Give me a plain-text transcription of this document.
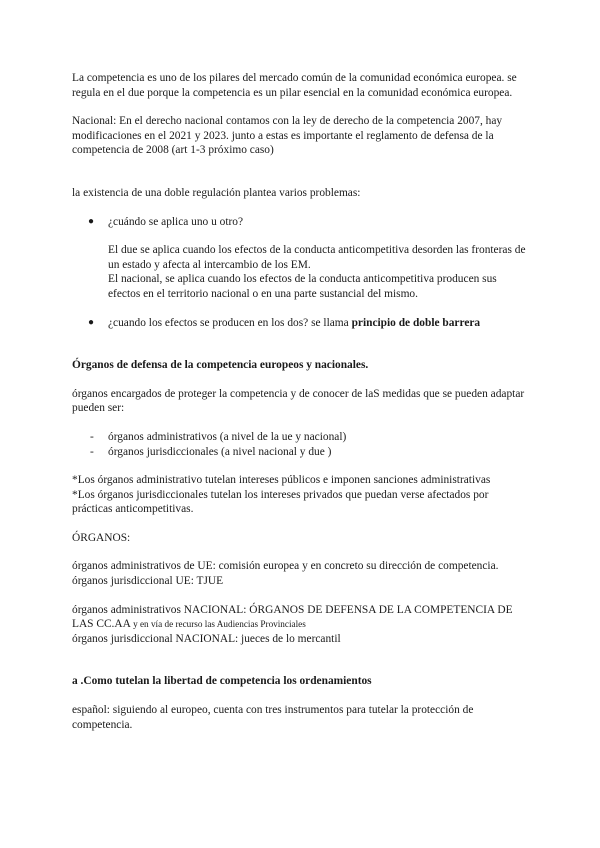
La competencia es uno de los pilares del mercado común de la comunidad económica europea. se regula en el due porque la competencia es un pilar esencial en la comunidad económica europea.

Nacional: En el derecho nacional contamos con la ley de derecho de la competencia 2007, hay modificaciones en el 2021 y 2023. junto a estas es importante el reglamento de defensa de la competencia de 2008 (art 1-3 próximo caso)

la existencia de una doble regulación plantea varios problemas:

● ¿cuándo se aplica uno u otro?

El due se aplica cuando los efectos de la conducta anticompetitiva desorden las fronteras de un estado y afecta al intercambio de los EM.

El nacional, se aplica cuando los efectos de la conducta anticompetitiva producen sus efectos en el territorio nacional o en una parte sustancial del mismo.

● ¿cuando los efectos se producen en los dos? se llama principio de doble barrera

Órganos de defensa de la competencia europeos y nacionales.

órganos encargados de proteger la competencia y de conocer de laS medidas que se pueden adaptar pueden ser:

- órganos administrativos (a nivel de la ue y nacional)

- órganos jurisdiccionales (a nivel nacional y due )

*Los órganos administrativo tutelan intereses públicos e imponen sanciones administrativas

*Los órganos jurisdiccionales tutelan los intereses privados que puedan verse afectados por prácticas anticompetitivas.

ÓRGANOS:

órganos administrativos de UE: comisión europea y en concreto su dirección de competencia.

órganos jurisdiccional UE: TJUE

órganos administrativos NACIONAL: ÓRGANOS DE DEFENSA DE LA COMPETENCIA DE LAS CC.AA y en vía de recurso las Audiencias Provinciales

órganos jurisdiccional NACIONAL: jueces de lo mercantil

a .Como tutelan la libertad de competencia los ordenamientos

español: siguiendo al europeo, cuenta con tres instrumentos para tutelar la protección de competencia.
